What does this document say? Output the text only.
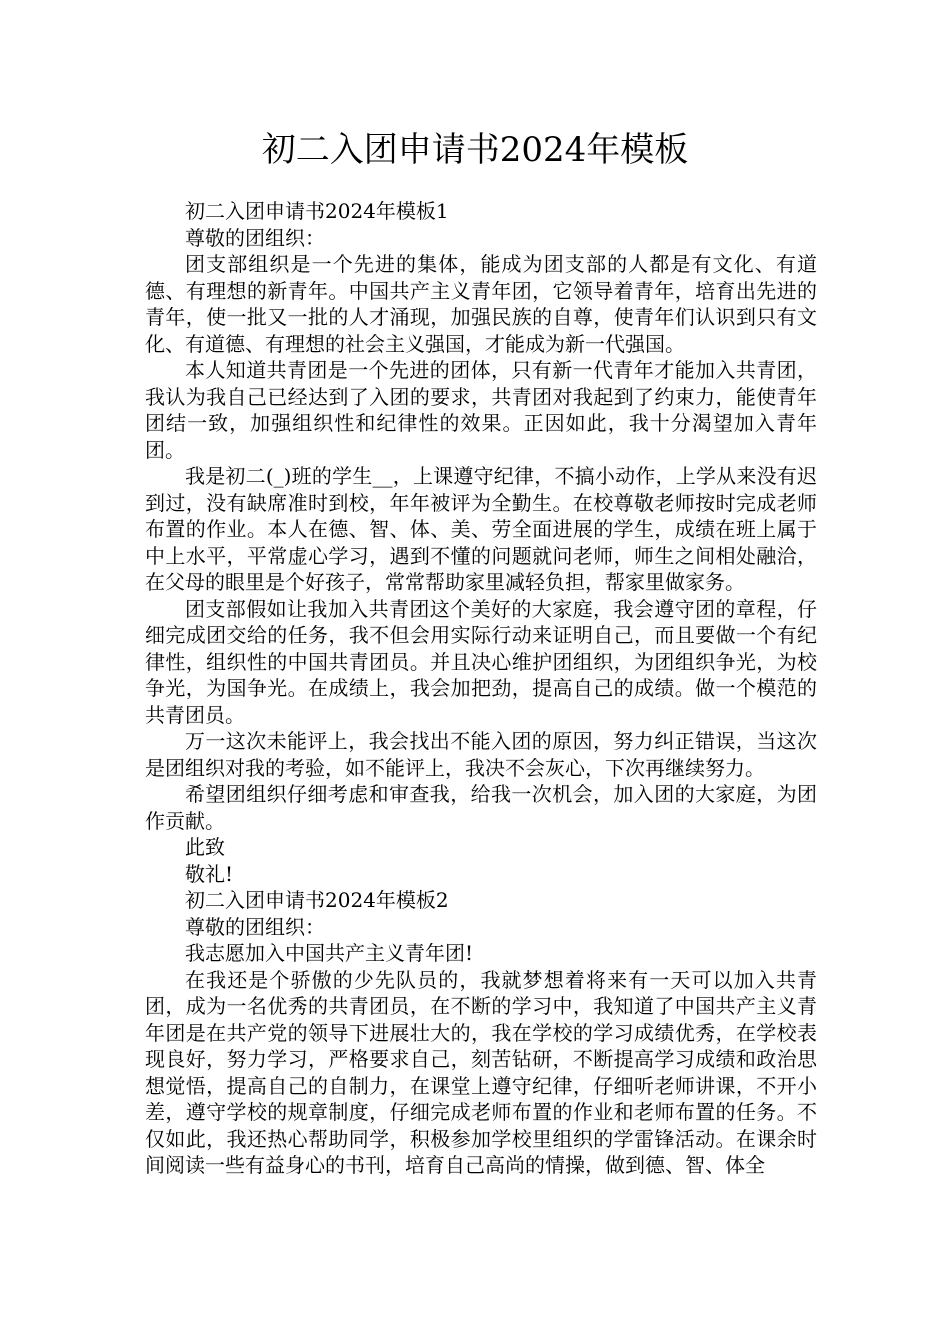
初二入团申请书2024年模板

初二入团申请书2024年模板1

尊敬的团组织：

团支部组织是一个先进的集体，能成为团支部的人都是有文化、有道德、有理想的新青年。中国共产主义青年团，它领导着青年，培育出先进的青年，使一批又一批的人才涌现，加强民族的自尊，使青年们认识到只有文化、有道德、有理想的社会主义强国，才能成为新一代强国。

本人知道共青团是一个先进的团体，只有新一代青年才能加入共青团，我认为我自己已经达到了入团的要求，共青团对我起到了约束力，能使青年团结一致，加强组织性和纪律性的效果。正因如此，我十分渴望加入青年团。

我是初二(_)班的学生__，上课遵守纪律，不搞小动作，上学从来没有迟到过，没有缺席准时到校，年年被评为全勤生。在校尊敬老师按时完成老师布置的作业。本人在德、智、体、美、劳全面进展的学生，成绩在班上属于中上水平，平常虚心学习，遇到不懂的问题就问老师，师生之间相处融洽，在父母的眼里是个好孩子，常常帮助家里减轻负担，帮家里做家务。

团支部假如让我加入共青团这个美好的大家庭，我会遵守团的章程，仔细完成团交给的任务，我不但会用实际行动来证明自己，而且要做一个有纪律性，组织性的中国共青团员。并且决心维护团组织，为团组织争光，为校争光，为国争光。在成绩上，我会加把劲，提高自己的成绩。做一个模范的共青团员。

万一这次未能评上，我会找出不能入团的原因，努力纠正错误，当这次是团组织对我的考验，如不能评上，我决不会灰心，下次再继续努力。

希望团组织仔细考虑和审查我，给我一次机会，加入团的大家庭，为团作贡献。

此致

敬礼!

初二入团申请书2024年模板2

尊敬的团组织：

我志愿加入中国共产主义青年团!

在我还是个骄傲的少先队员的，我就梦想着将来有一天可以加入共青团，成为一名优秀的共青团员，在不断的学习中，我知道了中国共产主义青年团是在共产党的领导下进展壮大的，我在学校的学习成绩优秀，在学校表现良好，努力学习，严格要求自己，刻苦钻研，不断提高学习成绩和政治思想觉悟，提高自己的自制力，在课堂上遵守纪律，仔细听老师讲课，不开小差，遵守学校的规章制度，仔细完成老师布置的作业和老师布置的任务。不仅如此，我还热心帮助同学，积极参加学校里组织的学雷锋活动。在课余时间阅读一些有益身心的书刊，培育自己高尚的情操，做到德、智、体全
